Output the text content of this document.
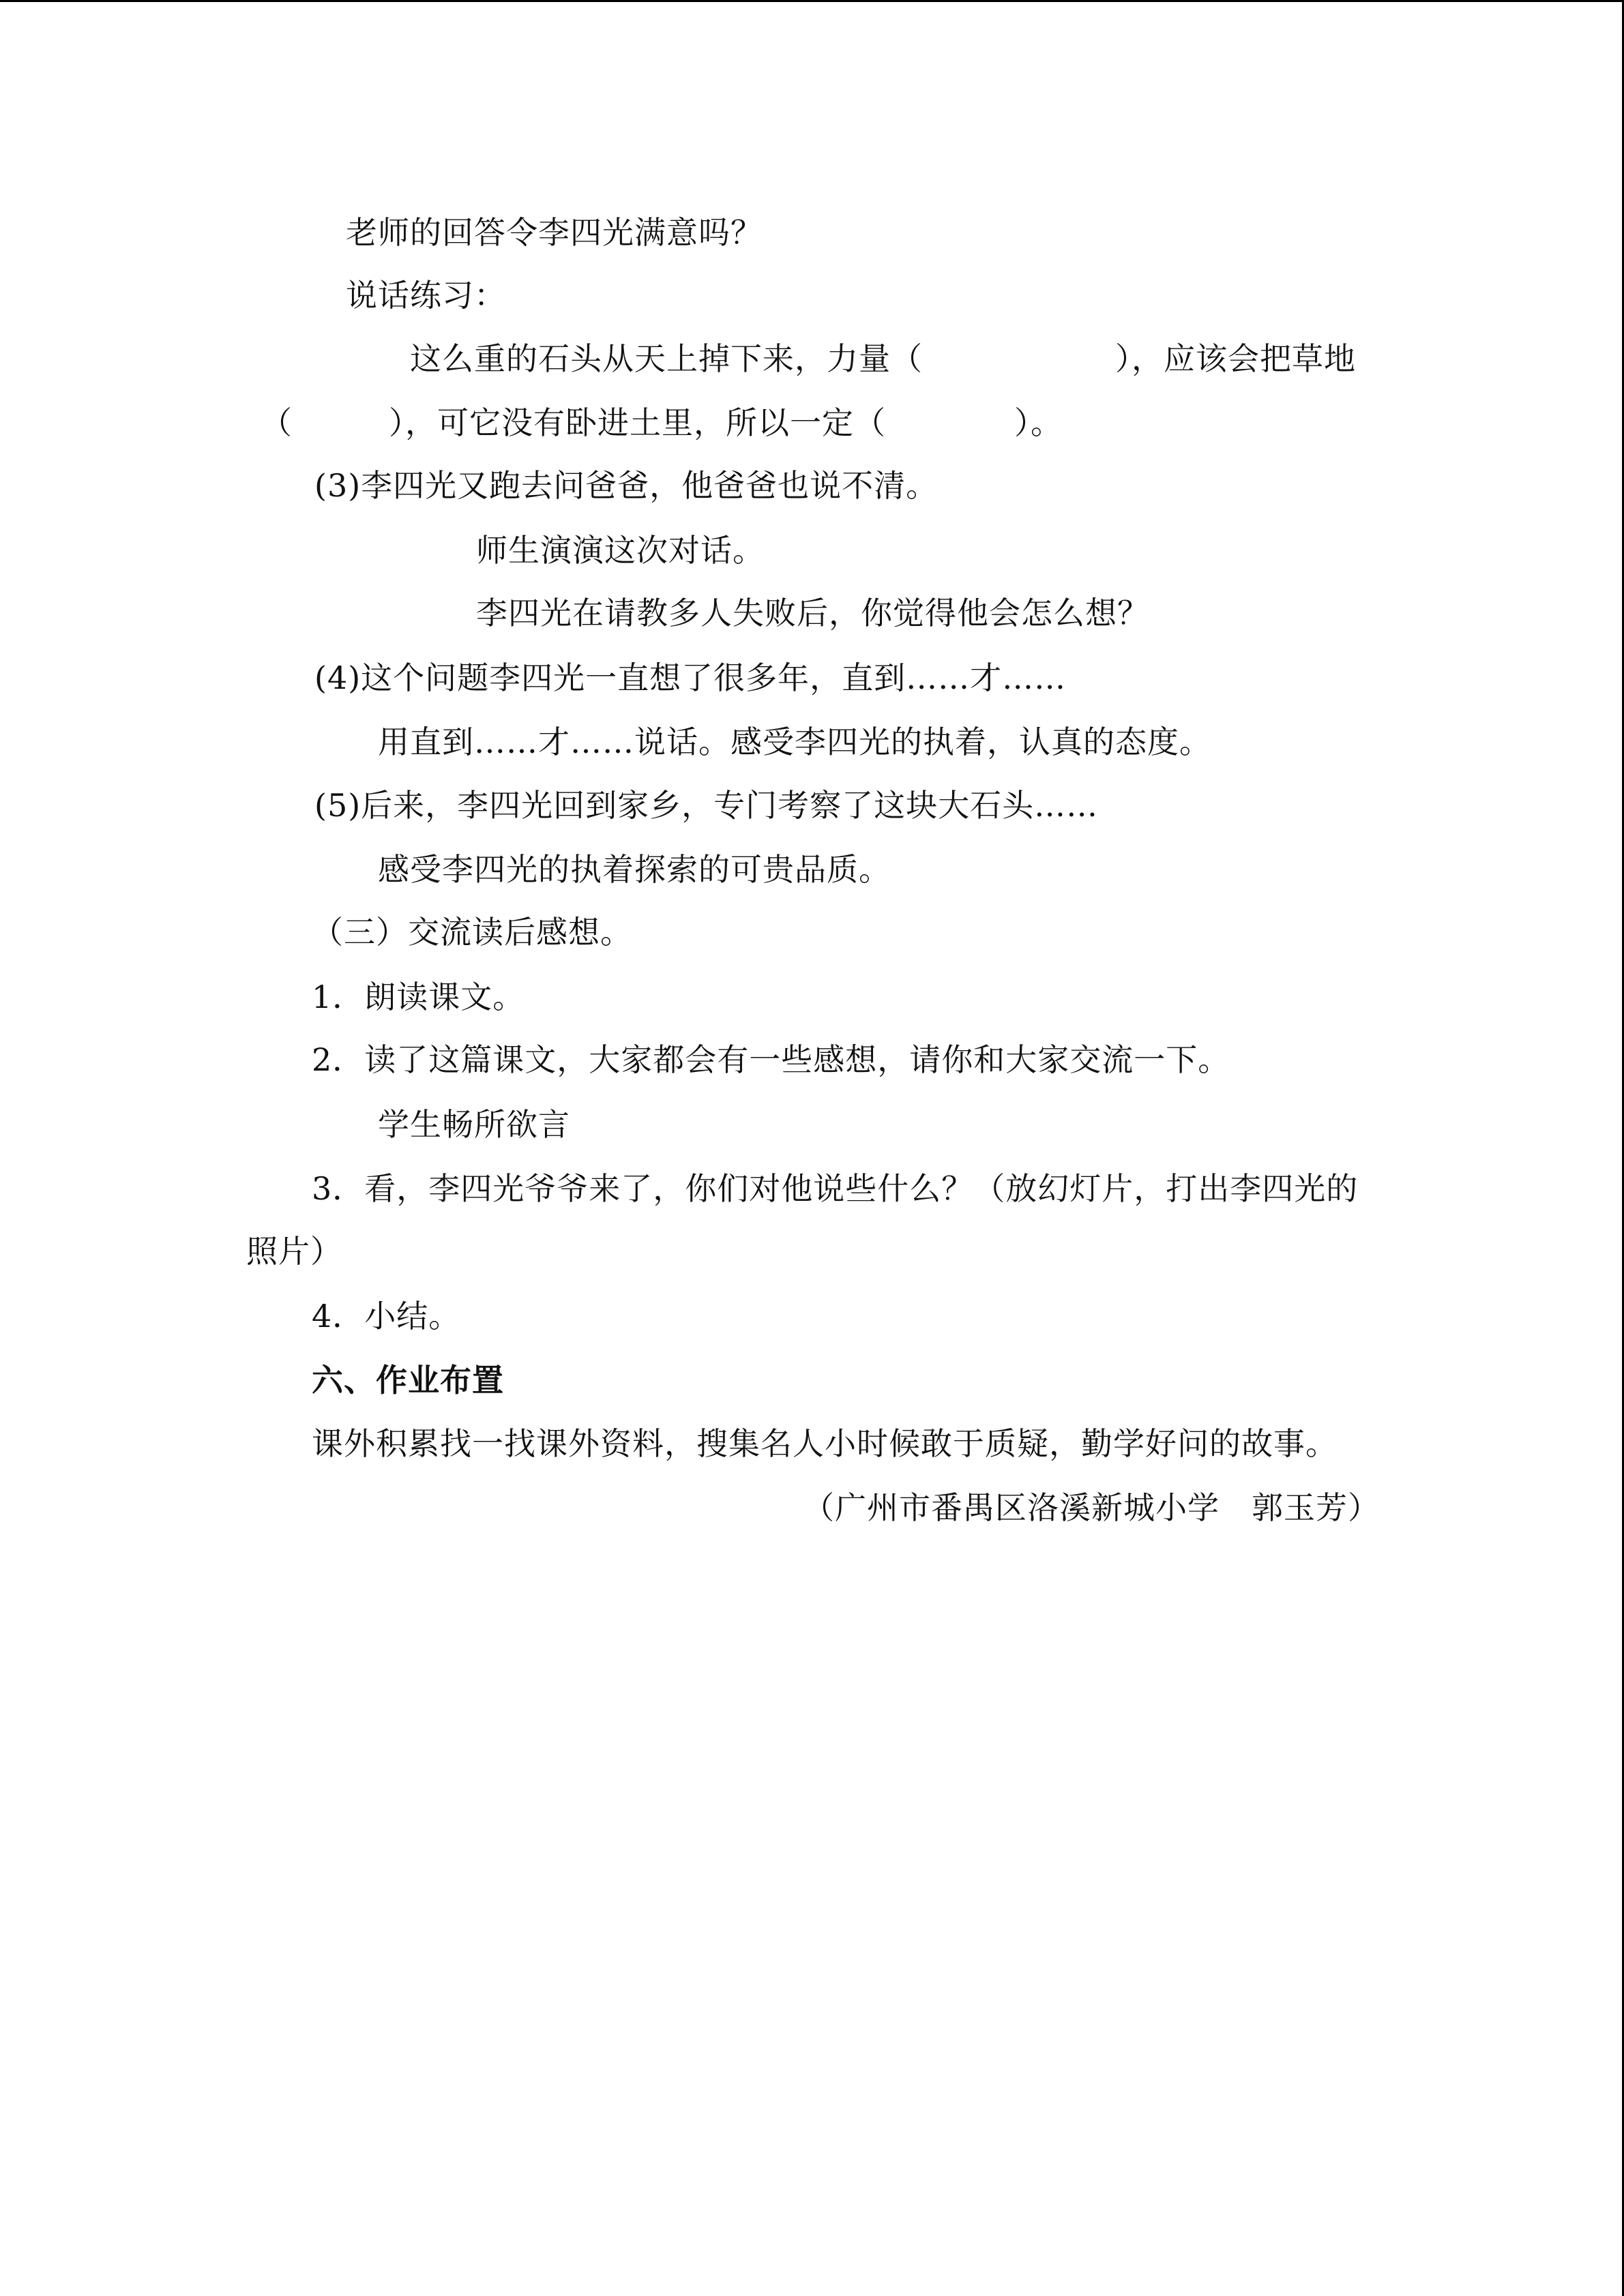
老师的回答令李四光满意吗？
说话练习：
这么重的石头从天上掉下来，力量（　　　　　　），应该会把草地
（　　　），可它没有卧进土里，所以一定（　　　　）。
(3)李四光又跑去问爸爸，他爸爸也说不清。
师生演演这次对话。
李四光在请教多人失败后，你觉得他会怎么想？
(4)这个问题李四光一直想了很多年，直到……才……
用直到……才……说话。感受李四光的执着，认真的态度。
(5)后来，李四光回到家乡，专门考察了这块大石头……
感受李四光的执着探索的可贵品质。
（三）交流读后感想。
1．朗读课文。
2．读了这篇课文，大家都会有一些感想，请你和大家交流一下。
学生畅所欲言
3．看，李四光爷爷来了，你们对他说些什么？（放幻灯片，打出李四光的
照片）
4．小结。
六、作业布置
课外积累找一找课外资料，搜集名人小时候敢于质疑，勤学好问的故事。
（广州市番禺区洛溪新城小学　郭玉芳）
